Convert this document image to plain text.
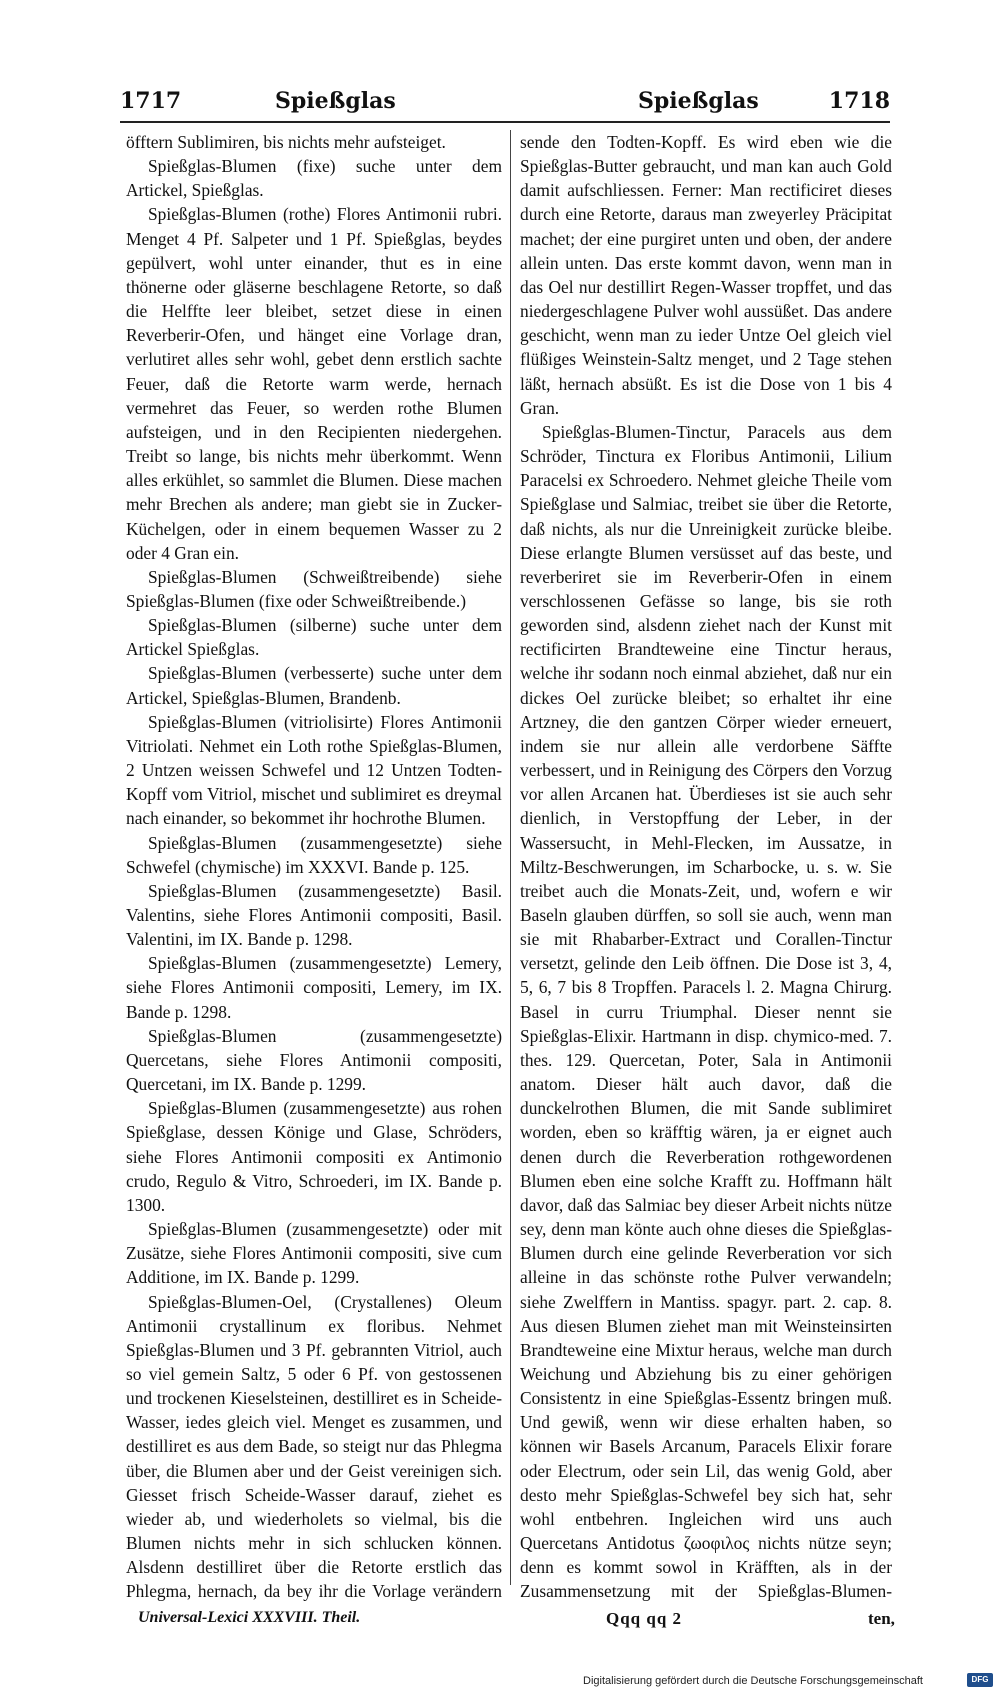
1717	Spießglas	Spießglas	1718

öfftern Sublimiren, bis nichts mehr aufsteiget.

Spießglas-Blumen (fixe) suche unter dem Artickel, Spießglas.

Spießglas-Blumen (rothe) Flores Antimonii rubri. Menget 4 Pf. Salpeter und 1 Pf. Spießglas, beydes gepülvert, wohl unter einander, thut es in eine thönerne oder gläserne beschlagene Retorte, so daß die Helffte leer bleibet, setzet diese in einen Reverberir-Ofen, und hänget eine Vorlage dran, verlutiret alles sehr wohl, gebet denn erstlich sachte Feuer, daß die Retorte warm werde, hernach vermehret das Feuer, so werden rothe Blumen aufsteigen, und in den Recipienten niedergehen. Treibt so lange, bis nichts mehr überkommt. Wenn alles erkühlet, so sammlet die Blumen. Diese machen mehr Brechen als andere; man giebt sie in Zucker-Küchelgen, oder in einem bequemen Wasser zu 2 oder 4 Gran ein.

Spießglas-Blumen (Schweißtreibende) siehe Spießglas-Blumen (fixe oder Schweißtreibende.)

Spießglas-Blumen (silberne) suche unter dem Artickel Spießglas.

Spießglas-Blumen (verbesserte) suche unter dem Artickel, Spießglas-Blumen, Brandenb.

Spießglas-Blumen (vitriolisirte) Flores Antimonii Vitriolati. Nehmet ein Loth rothe Spießglas-Blumen, 2 Untzen weissen Schwefel und 12 Untzen Todten-Kopff vom Vitriol, mischet und sublimiret es dreymal nach einander, so bekommet ihr hochrothe Blumen.

Spießglas-Blumen (zusammengesetzte) siehe Schwefel (chymische) im XXXVI. Bande p. 125.

Spießglas-Blumen (zusammengesetzte) Basil. Valentins, siehe Flores Antimonii compositi, Basil. Valentini, im IX. Bande p. 1298.

Spießglas-Blumen (zusammengesetzte) Lemery, siehe Flores Antimonii compositi, Lemery, im IX. Bande p. 1298.

Spießglas-Blumen (zusammengesetzte) Quercetans, siehe Flores Antimonii compositi, Quercetani, im IX. Bande p. 1299.

Spießglas-Blumen (zusammengesetzte) aus rohen Spießglase, dessen Könige und Glase, Schröders, siehe Flores Antimonii compositi ex Antimonio crudo, Regulo & Vitro, Schroederi, im IX. Bande p. 1300.

Spießglas-Blumen (zusammengesetzte) oder mit Zusätze, siehe Flores Antimonii compositi, sive cum Additione, im IX. Bande p. 1299.

Spießglas-Blumen-Oel, (Crystallenes) Oleum Antimonii crystallinum ex floribus. Nehmet Spießglas-Blumen und 3 Pf. gebrannten Vitriol, auch so viel gemein Saltz, 5 oder 6 Pf. von gestossenen und trockenen Kieselsteinen, destilliret es in Scheide-Wasser, iedes gleich viel. Menget es zusammen, und destilliret es aus dem Bade, so steigt nur das Phlegma über, die Blumen aber und der Geist vereinigen sich. Giesset frisch Scheide-Wasser darauf, ziehet es wieder ab, und wiederholets so vielmal, bis die Blumen nichts mehr in sich schlucken können. Alsdenn destilliret über die Retorte erstlich das Phlegma, hernach, da bey ihr die Vorlage verändern

sende den Todten-Kopff. Es wird eben wie die Spießglas-Butter gebraucht, und man kan auch Gold damit aufschliessen. Ferner: Man rectificiret dieses durch eine Retorte, daraus man zweyerley Präcipitat machet; der eine purgiret unten und oben, der andere allein unten. Das erste kommt davon, wenn man in das Oel nur destillirt Regen-Wasser tropffet, und das niedergeschlagene Pulver wohl aussüßet. Das andere geschicht, wenn man zu ieder Untze Oel gleich viel flüßiges Weinstein-Saltz menget, und 2 Tage stehen läßt, hernach absüßt. Es ist die Dose von 1 bis 4 Gran.

Spießglas-Blumen-Tinctur, Paracels aus dem Schröder, Tinctura ex Floribus Antimonii, Lilium Paracelsi ex Schroedero. Nehmet gleiche Theile vom Spießglase und Salmiac, treibet sie über die Retorte, daß nichts, als nur die Unreinigkeit zurücke bleibe. Diese erlangte Blumen versüsset auf das beste, und reverberiret sie im Reverberir-Ofen in einem verschlossenen Gefässe so lange, bis sie roth geworden sind, alsdenn ziehet nach der Kunst mit rectificirten Brandteweine eine Tinctur heraus, welche ihr sodann noch einmal abziehet, daß nur ein dickes Oel zurücke bleibet; so erhaltet ihr eine Artzney, die den gantzen Cörper wieder erneuert, indem sie nur allein alle verdorbene Säffte verbessert, und in Reinigung des Cörpers den Vorzug vor allen Arcanen hat. Überdieses ist sie auch sehr dienlich, in Verstopffung der Leber, in der Wassersucht, in Mehl-Flecken, im Aussatze, in Miltz-Beschwerungen, im Scharbocke, u. s. w. Sie treibet auch die Monats-Zeit, und, wofern e wir Baseln glauben dürffen, so soll sie auch, wenn man sie mit Rhabarber-Extract und Corallen-Tinctur versetzt, gelinde den Leib öffnen. Die Dose ist 3, 4, 5, 6, 7 bis 8 Tropffen. Paracels l. 2. Magna Chirurg. Basel in curru Triumphal. Dieser nennt sie Spießglas-Elixir. Hartmann in disp. chymico-med. 7. thes. 129. Quercetan, Poter, Sala in Antimonii anatom. Dieser hält auch davor, daß die dunckelrothen Blumen, die mit Sande sublimiret worden, eben so kräfftig wären, ja er eignet auch denen durch die Reverberation rothgewordenen Blumen eben eine solche Krafft zu. Hoffmann hält davor, daß das Salmiac bey dieser Arbeit nichts nütze sey, denn man könte auch ohne dieses die Spießglas-Blumen durch eine gelinde Reverberation vor sich alleine in das schönste rothe Pulver verwandeln; siehe Zwelffern in Mantiss. spagyr. part. 2. cap. 8. Aus diesen Blumen ziehet man mit Weinsteinsirten Brandteweine eine Mixtur heraus, welche man durch Weichung und Abziehung bis zu einer gehörigen Consistentz in eine Spießglas-Essentz bringen muß. Und gewiß, wenn wir diese erhalten haben, so können wir Basels Arcanum, Paracels Elixir forare oder Electrum, oder sein Lil, das wenig Gold, aber desto mehr Spießglas-Schwefel bey sich hat, sehr wohl entbehren. Ingleichen wird uns auch Quercetans Antidotus ζωοφιλος nichts nütze seyn; denn es kommt sowol in Kräfften, als in der Zusammensetzung mit der Spießglas-Blumen-

Universal-Lexici XXXVIII. Theil.	Qqq qq 2	ten,
Digitalisierung gefördert durch die Deutsche Forschungsgemeinschaft	DFG
